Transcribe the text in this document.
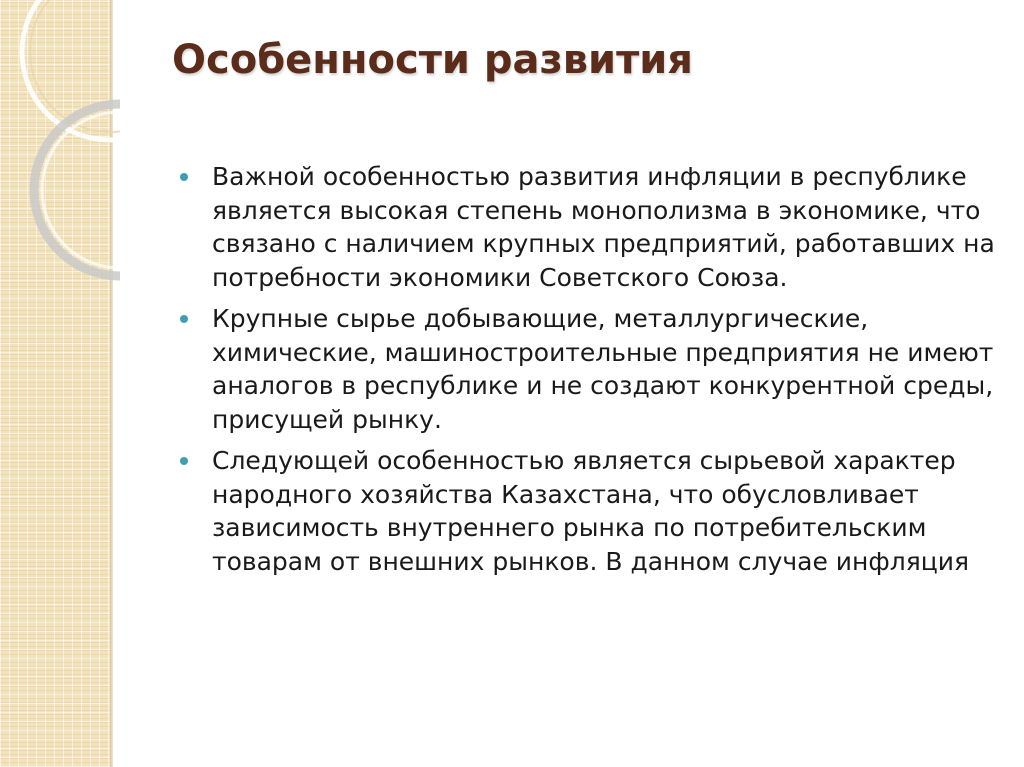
Особенности развития
Важной особенностью развития инфляции в республике является высокая степень монополизма в экономике, что связано с наличием крупных предприятий, работавших на потребности экономики Советского Союза.
Крупные сырье добывающие, металлургические, химические, машиностроительные предприятия не имеют аналогов в республике и не создают конкурентной среды, присущей рынку.
Следующей особенностью является сырьевой характер народного хозяйства Казахстана, что обусловливает зависимость внутреннего рынка по потребительским товарам от внешних рынков. В данном случае инфляция
